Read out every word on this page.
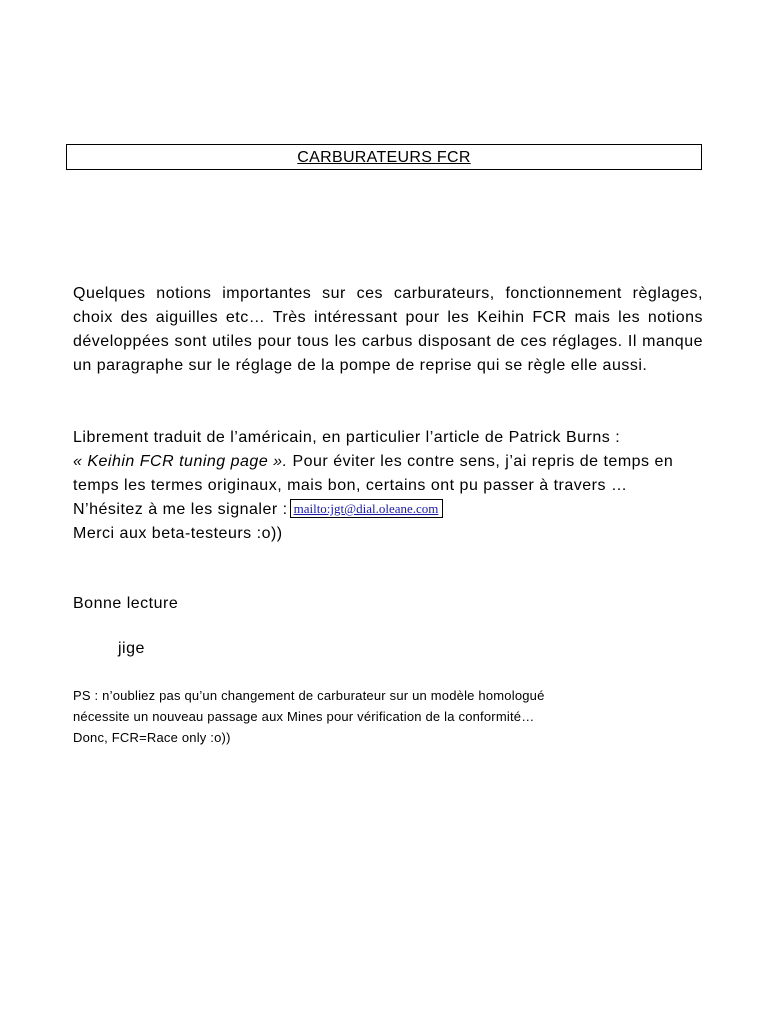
CARBURATEURS FCR
Quelques notions importantes sur ces carburateurs, fonctionnement règlages, choix des aiguilles etc… Très intéressant pour les Keihin FCR mais les notions développées sont utiles pour tous les carbus disposant de ces réglages. Il manque un paragraphe sur le réglage de la pompe de reprise qui se règle elle aussi.
Librement traduit de l’américain, en particulier l’article de Patrick Burns :
« Keihin FCR tuning page ». Pour éviter les contre sens, j’ai repris de temps en temps les termes originaux, mais bon, certains ont pu passer à travers …
N’hésitez à me les signaler : mailto:jgt@dial.oleane.com
Merci aux beta-testeurs :o))
Bonne lecture
jige
PS : n’oubliez pas qu’un changement de carburateur sur un modèle homologué
nécessite un nouveau passage aux Mines pour vérification de la conformité…
Donc, FCR=Race only :o))
